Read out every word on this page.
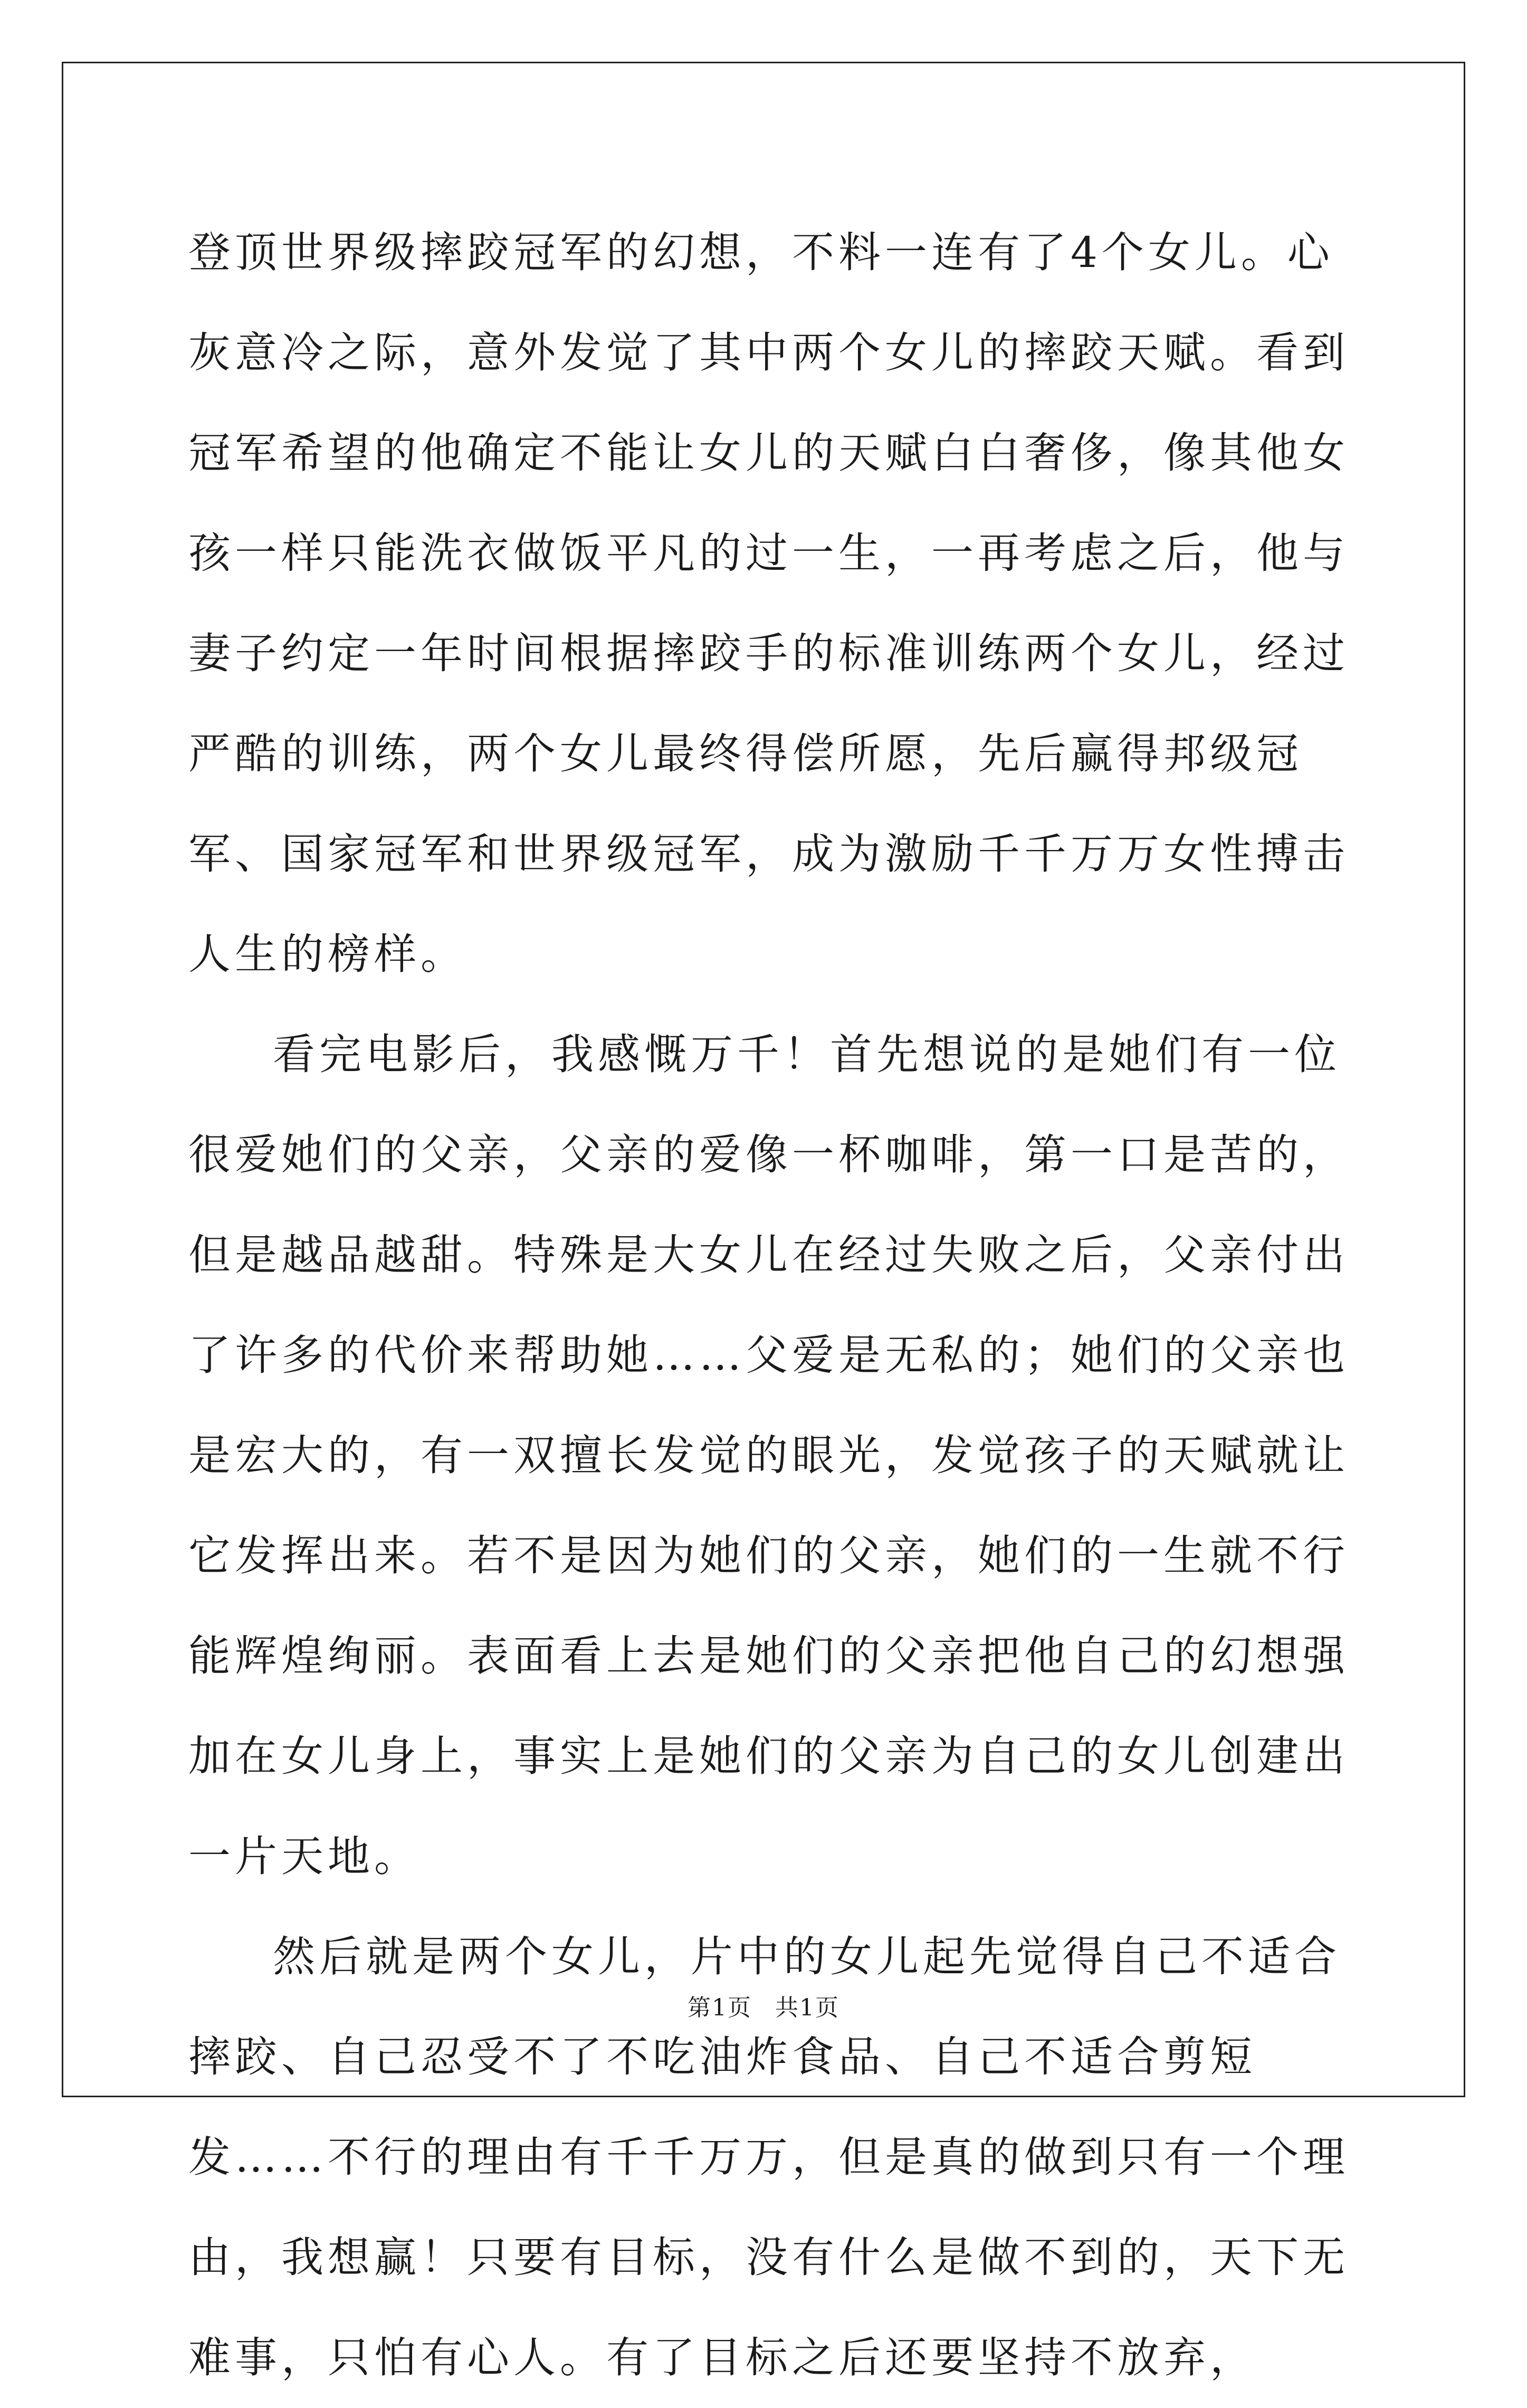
登顶世界级摔跤冠军的幻想，不料一连有了4个女儿。心灰意冷之际，意外发觉了其中两个女儿的摔跤天赋。看到冠军希望的他确定不能让女儿的天赋白白奢侈，像其他女孩一样只能洗衣做饭平凡的过一生，一再考虑之后，他与妻子约定一年时间根据摔跤手的标准训练两个女儿，经过严酷的训练，两个女儿最终得偿所愿，先后赢得邦级冠军、国家冠军和世界级冠军，成为激励千千万万女性搏击人生的榜样。

看完电影后，我感慨万千！首先想说的是她们有一位很爱她们的父亲，父亲的爱像一杯咖啡，第一口是苦的，但是越品越甜。特殊是大女儿在经过失败之后，父亲付出了许多的代价来帮助她……父爱是无私的；她们的父亲也是宏大的，有一双擅长发觉的眼光，发觉孩子的天赋就让它发挥出来。若不是因为她们的父亲，她们的一生就不行能辉煌绚丽。表面看上去是她们的父亲把他自己的幻想强加在女儿身上，事实上是她们的父亲为自己的女儿创建出一片天地。

然后就是两个女儿，片中的女儿起先觉得自己不适合摔跤、自己忍受不了不吃油炸食品、自己不适合剪短发……不行的理由有千千万万，但是真的做到只有一个理由，我想赢！只要有目标，没有什么是做不到的，天下无难事，只怕有心人。有了目标之后还要坚持不放弃，

第1页 共1页
